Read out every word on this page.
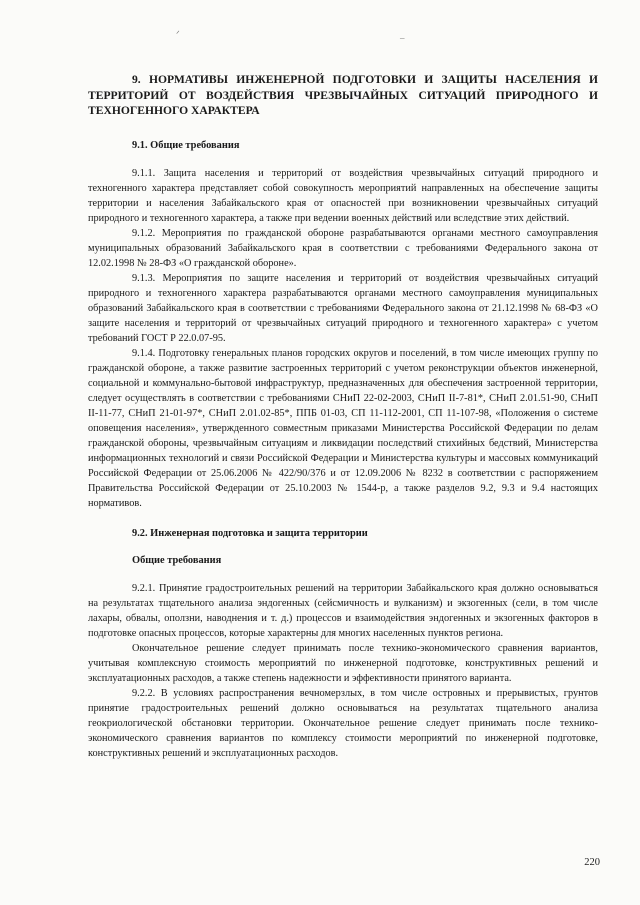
ᐟ	–
9. НОРМАТИВЫ ИНЖЕНЕРНОЙ ПОДГОТОВКИ И ЗАЩИТЫ НАСЕЛЕНИЯ И ТЕРРИТОРИЙ ОТ ВОЗДЕЙСТВИЯ ЧРЕЗВЫЧАЙНЫХ СИТУАЦИЙ ПРИРОДНОГО И ТЕХНОГЕННОГО ХАРАКТЕРА
9.1. Общие требования

9.1.1. Защита населения и территорий от воздействия чрезвычайных ситуаций природного и техногенного характера представляет собой совокупность мероприятий направленных на обеспечение защиты территории и населения Забайкальского края от опасностей при возникновении чрезвычайных ситуаций природного и техногенного характера, а также при ведении военных действий или вследствие этих действий.

9.1.2. Мероприятия по гражданской обороне разрабатываются органами местного самоуправления муниципальных образований Забайкальского края в соответствии с требованиями Федерального закона от 12.02.1998 № 28-ФЗ «О гражданской обороне».

9.1.3. Мероприятия по защите населения и территорий от воздействия чрезвычайных ситуаций природного и техногенного характера разрабатываются органами местного самоуправления муниципальных образований Забайкальского края в соответствии с требованиями Федерального закона от 21.12.1998 № 68-ФЗ «О защите населения и территорий от чрезвычайных ситуаций природного и техногенного характера» с учетом требований ГОСТ Р 22.0.07-95.

9.1.4. Подготовку генеральных планов городских округов и поселений, в том числе имеющих группу по гражданской обороне, а также развитие застроенных территорий с учетом реконструкции объектов инженерной, социальной и коммунально-бытовой инфраструктур, предназначенных для обеспечения застроенной территории, следует осуществлять в соответствии с требованиями СНиП 22-02-2003, СНиП II-7-81*, СНиП 2.01.51-90, СНиП II-11-77, СНиП 21-01-97*, СНиП 2.01.02-85*, ППБ 01-03, СП 11-112-2001, СП 11-107-98, «Положения о системе оповещения населения», утвержденного совместным приказами Министерства Российской Федерации по делам гражданской обороны, чрезвычайным ситуациям и ликвидации последствий стихийных бедствий, Министерства информационных технологий и связи Российской Федерации и Министерства культуры и массовых коммуникаций Российской Федерации от 25.06.2006 № 422/90/376 и от 12.09.2006 № 8232 в соответствии с распоряжением Правительства Российской Федерации от 25.10.2003 № 1544-р, а также разделов 9.2, 9.3 и 9.4 настоящих нормативов.

9.2. Инженерная подготовка и защита территории
Общие требования

9.2.1. Принятие градостроительных решений на территории Забайкальского края должно основываться на результатах тщательного анализа эндогенных (сейсмичность и вулканизм) и экзогенных (сели, в том числе лахары, обвалы, оползни, наводнения и т. д.) процессов и взаимодействия эндогенных и экзогенных факторов в подготовке опасных процессов, которые характерны для многих населенных пунктов региона.

Окончательное решение следует принимать после технико-экономического сравнения вариантов, учитывая комплексную стоимость мероприятий по инженерной подготовке, конструктивных решений и эксплуатационных расходов, а также степень надежности и эффективности принятого варианта.

9.2.2. В условиях распространения вечномерзлых, в том числе островных и прерывистых, грунтов принятие градостроительных решений должно основываться на результатах тщательного анализа геокриологической обстановки территории. Окончательное решение следует принимать после технико-экономического сравнения вариантов по комплексу стоимости мероприятий по инженерной подготовке, конструктивных решений и эксплуатационных расходов.

220
